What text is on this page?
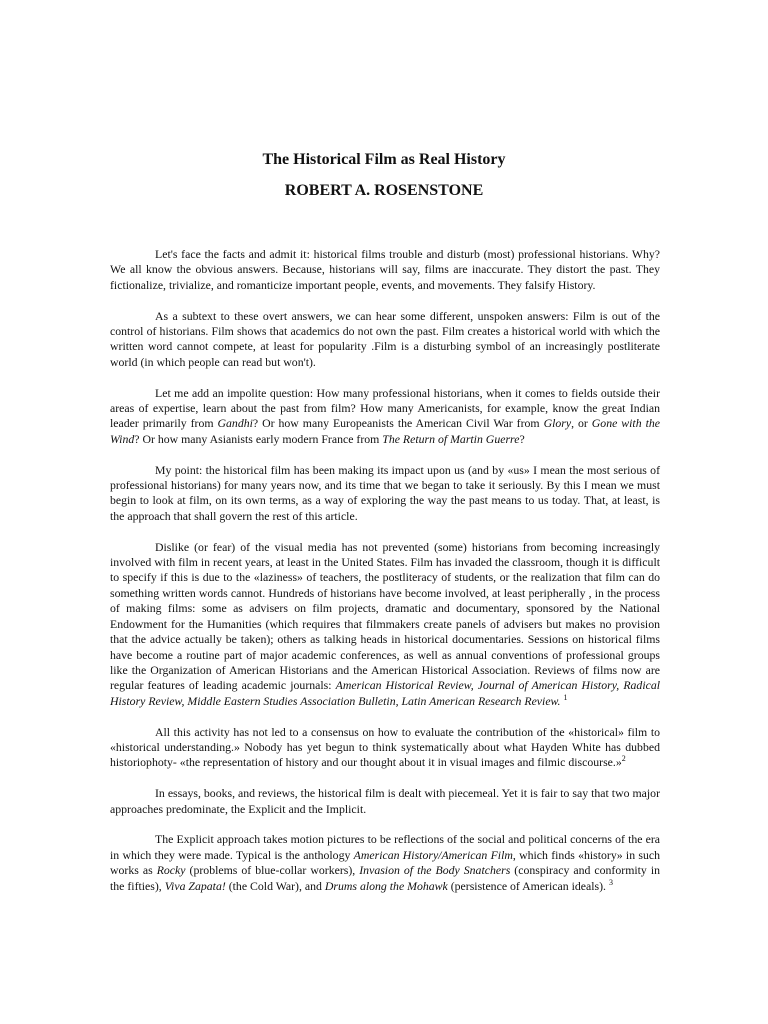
The Historical Film as Real History
ROBERT A. ROSENSTONE

Let's face the facts and admit it: historical films trouble and disturb (most) professional historians. Why? We all know the obvious answers. Because, historians will say, films are inaccurate. They distort the past. They fictionalize, trivialize, and romanticize important people, events, and movements. They falsify History.

As a subtext to these overt answers, we can hear some different, unspoken answers: Film is out of the control of historians. Film shows that academics do not own the past. Film creates a historical world with which the written word cannot compete, at least for popularity .Film is a disturbing symbol of an increasingly postliterate world (in which people can read but won't).

Let me add an impolite question: How many professional historians, when it comes to fields outside their areas of expertise, learn about the past from film? How many Americanists, for example, know the great Indian leader primarily from Gandhi? Or how many Europeanists the American Civil War from Glory, or Gone with the Wind? Or how many Asianists early modern France from The Return of Martin Guerre?

My point: the historical film has been making its impact upon us (and by «us» I mean the most serious of professional historians) for many years now, and its time that we began to take it seriously. By this I mean we must begin to look at film, on its own terms, as a way of exploring the way the past means to us today. That, at least, is the approach that shall govern the rest of this article.

Dislike (or fear) of the visual media has not prevented (some) historians from becoming increasingly involved with film in recent years, at least in the United States. Film has invaded the classroom, though it is difficult to specify if this is due to the «laziness» of teachers, the postliteracy of students, or the realization that film can do something written words cannot. Hundreds of historians have become involved, at least peripherally , in the process of making films: some as advisers on film projects, dramatic and documentary, sponsored by the National Endowment for the Humanities (which requires that filmmakers create panels of advisers but makes no provision that the advice actually be taken); others as talking heads in historical documentaries. Sessions on historical films have become a routine part of major academic conferences, as well as annual conventions of professional groups like the Organization of American Historians and the American Historical Association. Reviews of films now are regular features of leading academic journals: American Historical Review, Journal of American History, Radical History Review, Middle Eastern Studies Association Bulletin, Latin American Research Review. $^1$

All this activity has not led to a consensus on how to evaluate the contribution of the «historical» film to «historical understanding.» Nobody has yet begun to think systematically about what Hayden White has dubbed historiophoty- «the representation of history and our thought about it in visual images and filmic discourse.»$^2$

In essays, books, and reviews, the historical film is dealt with piecemeal. Yet it is fair to say that two major approaches predominate, the Explicit and the Implicit.

The Explicit approach takes motion pictures to be reflections of the social and political concerns of the era in which they were made. Typical is the anthology American History/American Film, which finds «history» in such works as Rocky (problems of blue-collar workers), Invasion of the Body Snatchers (conspiracy and conformity in the fifties), Viva Zapata! (the Cold War), and Drums along the Mohawk (persistence of American ideals). $^3$
